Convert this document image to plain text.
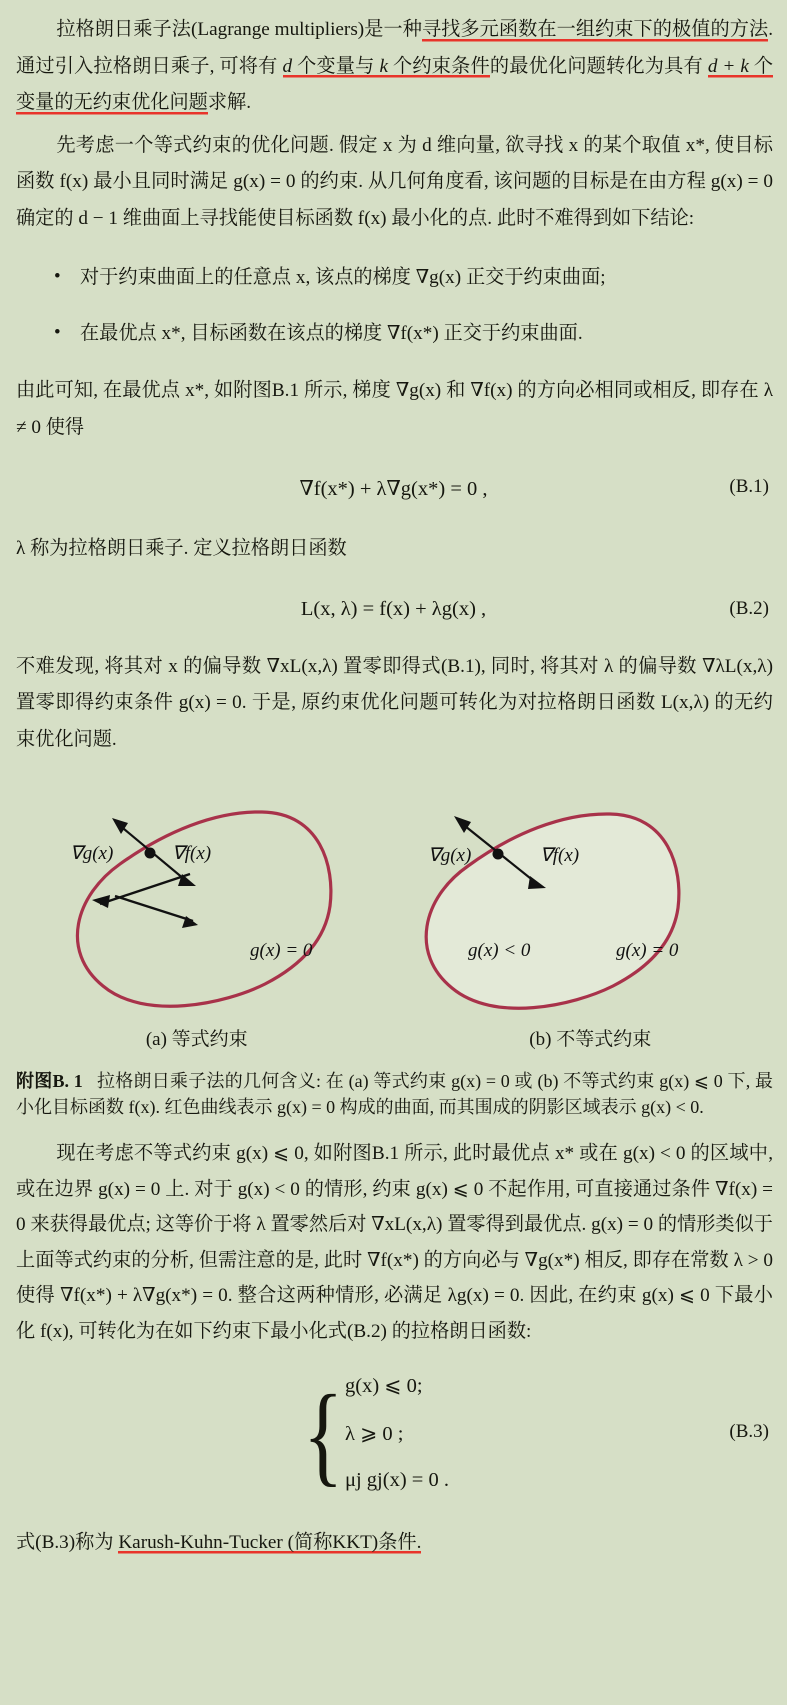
拉格朗日乘子法(Lagrange multipliers)是一种寻找多元函数在一组约束下的极值的方法. 通过引入拉格朗日乘子, 可将有 d 个变量与 k 个约束条件的最优化问题转化为具有 d + k 个变量的无约束优化问题求解.

先考虑一个等式约束的优化问题. 假定 x 为 d 维向量, 欲寻找 x 的某个取值 x*, 使目标函数 f(x) 最小且同时满足 g(x) = 0 的约束. 从几何角度看, 该问题的目标是在由方程 g(x) = 0 确定的 d − 1 维曲面上寻找能使目标函数 f(x) 最小化的点. 此时不难得到如下结论:

• 对于约束曲面上的任意点 x, 该点的梯度 ∇g(x) 正交于约束曲面;
• 在最优点 x*, 目标函数在该点的梯度 ∇f(x*) 正交于约束曲面.

由此可知, 在最优点 x*, 如附图B.1 所示, 梯度 ∇g(x) 和 ∇f(x) 的方向必相同或相反, 即存在 λ ≠ 0 使得

∇f(x*) + λ∇g(x*) = 0 ,	(B.1)

λ 称为拉格朗日乘子. 定义拉格朗日函数

L(x, λ) = f(x) + λg(x) ,	(B.2)

不难发现, 将其对 x 的偏导数 ∇xL(x,λ) 置零即得式(B.1), 同时, 将其对 λ 的偏导数 ∇λL(x,λ) 置零即得约束条件 g(x) = 0. 于是, 原约束优化问题可转化为对拉格朗日函数 L(x,λ) 的无约束优化问题.

∇g(x)	∇f(x)
g(x) = 0
∇g(x)	∇f(x)
g(x) < 0	g(x) = 0
(a) 等式约束	(b) 不等式约束
附图B. 1 拉格朗日乘子法的几何含义: 在 (a) 等式约束 g(x) = 0 或 (b) 不等式约束 g(x) ⩽ 0 下, 最小化目标函数 f(x). 红色曲线表示 g(x) = 0 构成的曲面, 而其围成的阴影区域表示 g(x) < 0.

现在考虑不等式约束 g(x) ⩽ 0, 如附图B.1 所示, 此时最优点 x* 或在 g(x) < 0 的区域中, 或在边界 g(x) = 0 上. 对于 g(x) < 0 的情形, 约束 g(x) ⩽ 0 不起作用, 可直接通过条件 ∇f(x) = 0 来获得最优点; 这等价于将 λ 置零然后对 ∇xL(x,λ) 置零得到最优点. g(x) = 0 的情形类似于上面等式约束的分析, 但需注意的是, 此时 ∇f(x*) 的方向必与 ∇g(x*) 相反, 即存在常数 λ > 0 使得 ∇f(x*) + λ∇g(x*) = 0. 整合这两种情形, 必满足 λg(x) = 0. 因此, 在约束 g(x) ⩽ 0 下最小化 f(x), 可转化为在如下约束下最小化式(B.2) 的拉格朗日函数:

{ g(x) ⩽ 0;
λ ⩾ 0 ;
μj gj(x) = 0 .
(B.3)
式(B.3)称为 Karush-Kuhn-Tucker (简称KKT)条件.
